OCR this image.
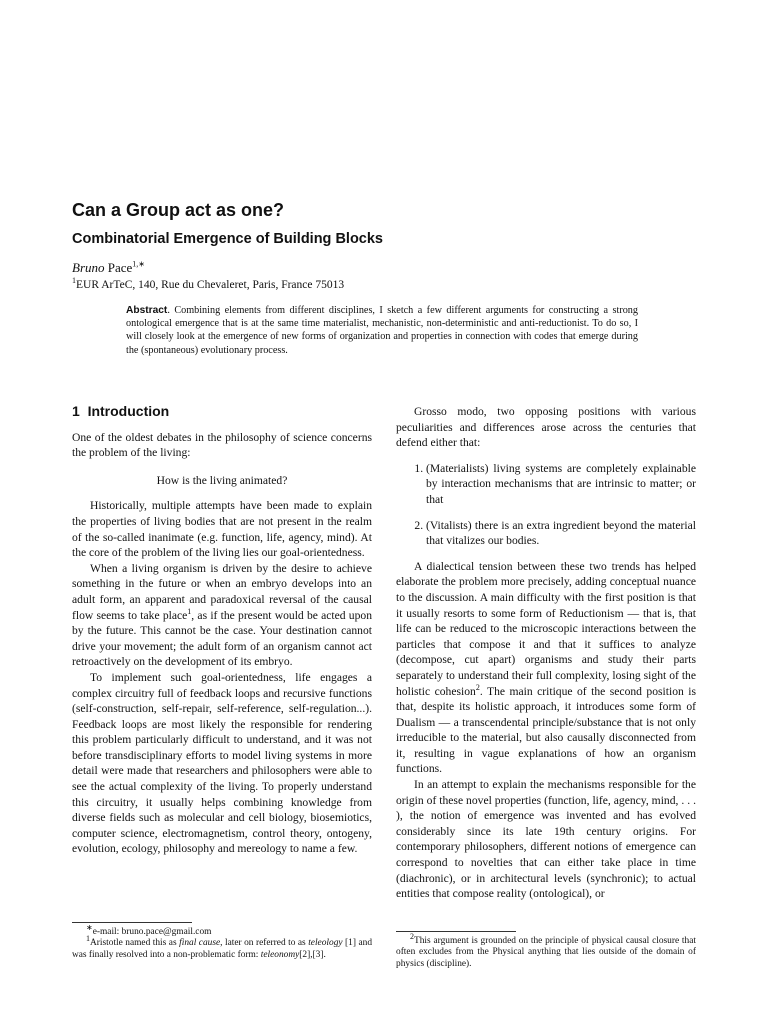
Can a Group act as one?
Combinatorial Emergence of Building Blocks
Bruno Pace$^{1,∗}$
$^1$EUR ArTeC, 140, Rue du Chevaleret, Paris, France 75013
Abstract. Combining elements from different disciplines, I sketch a few different arguments for constructing a strong ontological emergence that is at the same time materialist, mechanistic, non-deterministic and anti-reductionist. To do so, I will closely look at the emergence of new forms of organization and properties in connection with codes that emerge during the (spontaneous) evolutionary process.
1 Introduction

One of the oldest debates in the philosophy of science concerns the problem of the living:

How is the living animated?

Historically, multiple attempts have been made to explain the properties of living bodies that are not present in the realm of the so-called inanimate (e.g. function, life, agency, mind). At the core of the problem of the living lies our goal-orientedness.

When a living organism is driven by the desire to achieve something in the future or when an embryo develops into an adult form, an apparent and paradoxical reversal of the causal flow seems to take place$^1$, as if the present would be acted upon by the future. This cannot be the case. Your destination cannot drive your movement; the adult form of an organism cannot act retroactively on the development of its embryo.

To implement such goal-orientedness, life engages a complex circuitry full of feedback loops and recursive functions (self-construction, self-repair, self-reference, self-regulation...). Feedback loops are most likely the responsible for rendering this problem particularly difficult to understand, and it was not before transdisciplinary efforts to model living systems in more detail were made that researchers and philosophers were able to see the actual complexity of the living. To properly understand this circuitry, it usually helps combining knowledge from diverse fields such as molecular and cell biology, biosemiotics, computer science, electromagnetism, control theory, ontogeny, evolution, ecology, philosophy and mereology to name a few.

∗e-mail: bruno.pace@gmail.com
$^1$Aristotle named this as final cause, later on referred to as teleology [1] and was finally resolved into a non-problematic form: teleonomy[2],[3].

Grosso modo, two opposing positions with various peculiarities and differences arose across the centuries that defend either that:

1. (Materialists) living systems are completely explainable by interaction mechanisms that are intrinsic to matter; or that
2. (Vitalists) there is an extra ingredient beyond the material that vitalizes our bodies.

A dialectical tension between these two trends has helped elaborate the problem more precisely, adding conceptual nuance to the discussion. A main difficulty with the first position is that it usually resorts to some form of Reductionism — that is, that life can be reduced to the microscopic interactions between the particles that compose it and that it suffices to analyze (decompose, cut apart) organisms and study their parts separately to understand their full complexity, losing sight of the holistic cohesion$^2$. The main critique of the second position is that, despite its holistic approach, it introduces some form of Dualism — a transcendental principle/substance that is not only irreducible to the material, but also causally disconnected from it, resulting in vague explanations of how an organism functions.

In an attempt to explain the mechanisms responsible for the origin of these novel properties (function, life, agency, mind, . . . ), the notion of emergence was invented and has evolved considerably since its late 19th century origins. For contemporary philosophers, different notions of emergence can correspond to novelties that can either take place in time (diachronic), or in architectural levels (synchronic); to actual entities that compose reality (ontological), or

$^2$This argument is grounded on the principle of physical causal closure that often excludes from the Physical anything that lies outside of the domain of physics (discipline).
